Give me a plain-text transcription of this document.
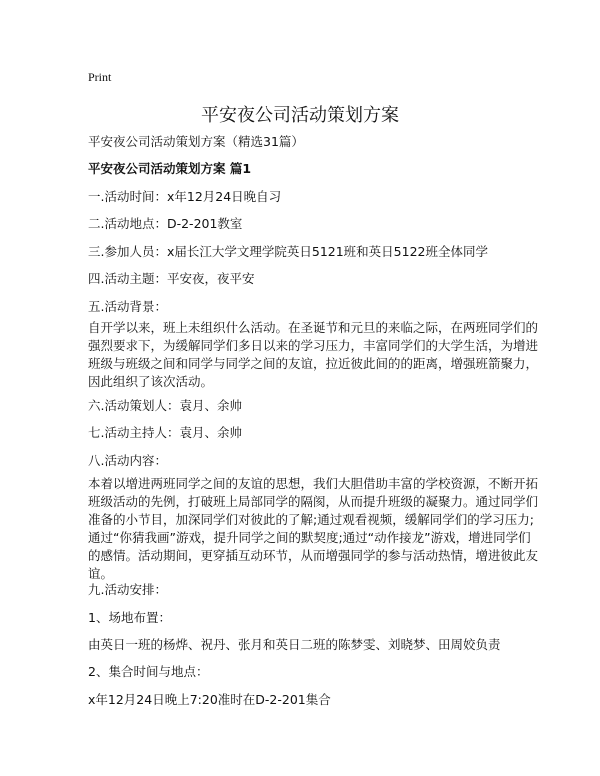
Print
平安夜公司活动策划方案
平安夜公司活动策划方案（精选31篇）
平安夜公司活动策划方案 篇1
一.活动时间：x年12月24日晚自习
二.活动地点：D-2-201教室
三.参加人员：x届长江大学文理学院英日5121班和英日5122班全体同学
四.活动主题：平安夜，夜平安
五.活动背景：
自开学以来，班上未组织什么活动。在圣诞节和元旦的来临之际，在两班同学们的
强烈要求下，为缓解同学们多日以来的学习压力，丰富同学们的大学生活，为增进
班级与班级之间和同学与同学之间的友谊，拉近彼此间的的距离，增强班箭聚力，
因此组织了该次活动。
六.活动策划人：袁月、余帅
七.活动主持人：袁月、余帅
八.活动内容：
本着以增进两班同学之间的友谊的思想，我们大胆借助丰富的学校资源，不断开拓
班级活动的先例，打破班上局部同学的隔阂，从而提升班级的凝聚力。通过同学们
准备的小节目，加深同学们对彼此的了解;通过观看视频，缓解同学们的学习压力;
通过“你猜我画”游戏，提升同学之间的默契度;通过“动作接龙”游戏，增进同学们
的感情。活动期间，更穿插互动环节，从而增强同学的参与活动热情，增进彼此友
谊。
九.活动安排：
1、场地布置：
由英日一班的杨烨、祝丹、张月和英日二班的陈梦雯、刘晓梦、田周姣负责
2、集合时间与地点：
x年12月24日晚上7:20准时在D-2-201集合
